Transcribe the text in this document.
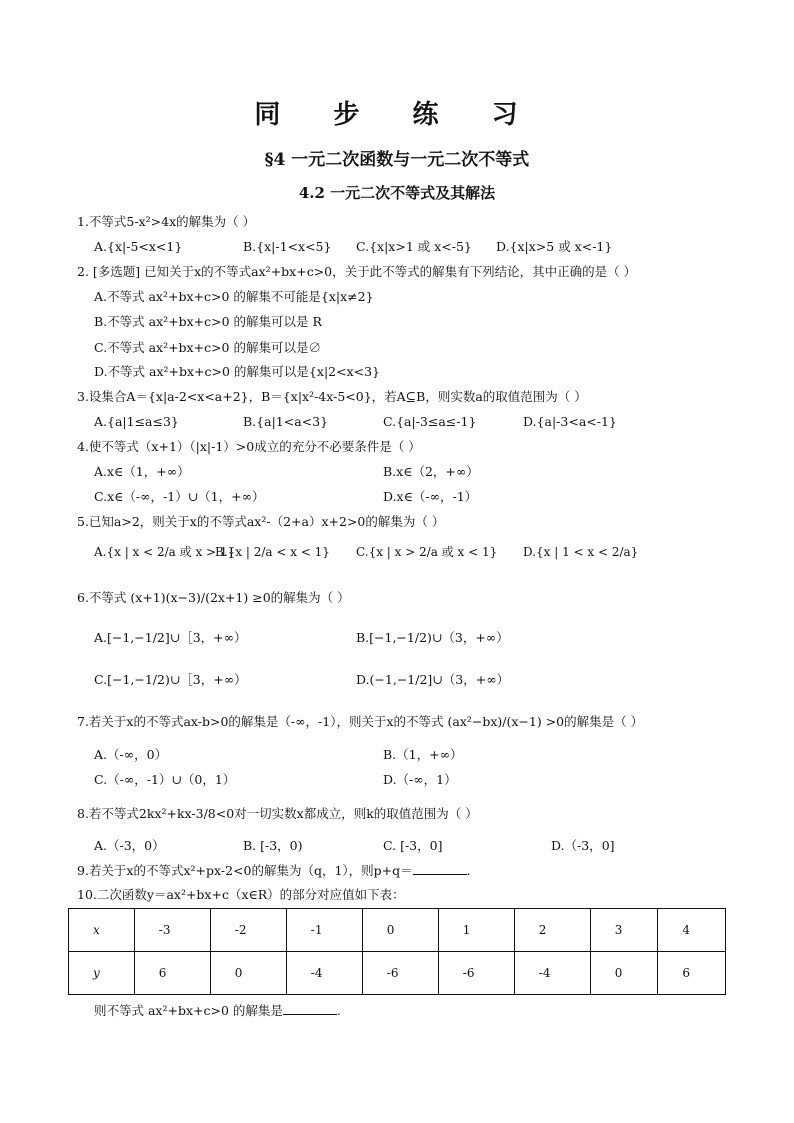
同 步 练 习
§4 一元二次函数与一元二次不等式
4.2 一元二次不等式及其解法
1.不等式5-x²>4x的解集为（ ）
A.{x|-5<x<1}	B.{x|-1<x<5} C.{x|x>1 或 x<-5} D.{x|x>5 或 x<-1}
2. [多选题] 已知关于x的不等式ax²+bx+c>0，关于此不等式的解集有下列结论，其中正确的是（ ）
A.不等式 ax²+bx+c>0 的解集不可能是{x|x≠2}
B.不等式 ax²+bx+c>0 的解集可以是 R
C.不等式 ax²+bx+c>0 的解集可以是∅
D.不等式 ax²+bx+c>0 的解集可以是{x|2<x<3}
3.设集合A＝{x|a-2<x<a+2}，B＝{x|x²-4x-5<0}，若A⊆B，则实数a的取值范围为（ ）
A.{a|1≤a≤3}	B.{a|1<a<3}	C.{a|-3≤a≤-1}	D.{a|-3<a<-1}
4.使不等式（x+1）（|x|-1）>0成立的充分不必要条件是（ ）
A.x∈（1，+∞）	B.x∈（2，+∞）
C.x∈（-∞，-1）∪（1，+∞）	D.x∈（-∞，-1）
5.已知a>2，则关于x的不等式ax²-（2+a）x+2>0的解集为（ ）
A.{x | x < 2/a 或 x > 1}
B.{x | 2/a < x < 1} C.{x | x > 2/a 或 x < 1} D.{x | 1 < x < 2/a}
6.不等式 (x+1)(x−3)/(2x+1) ≥0的解集为（ ）
A.[−1,−1/2]∪［3，+∞）	B.[−1,−1/2)∪（3，+∞）
C.[−1,−1/2)∪［3，+∞）	D.(−1,−1/2]∪（3，+∞）
7.若关于x的不等式ax-b>0的解集是（-∞，-1），则关于x的不等式 (ax²−bx)/(x−1) >0的解集是（ ）
A.（-∞，0）	B.（1，+∞）
C.（-∞，-1）∪（0，1）	D.（-∞，1）
8.若不等式2kx²+kx-3/8<0对一切实数x都成立，则k的取值范围为（ ）
A.（-3，0）	B. [-3，0)	C. [-3，0]	D.（-3，0]
9.若关于x的不等式x²+px-2<0的解集为（q，1），则p+q＝	.
10.二次函数y＝ax²+bx+c（x∈R）的部分对应值如下表：
x	-3	-2	-1	0	1	2	3	4
y	6	0	-4	-6	-6	-4	0	6
则不等式 ax²+bx+c>0 的解集是	.
